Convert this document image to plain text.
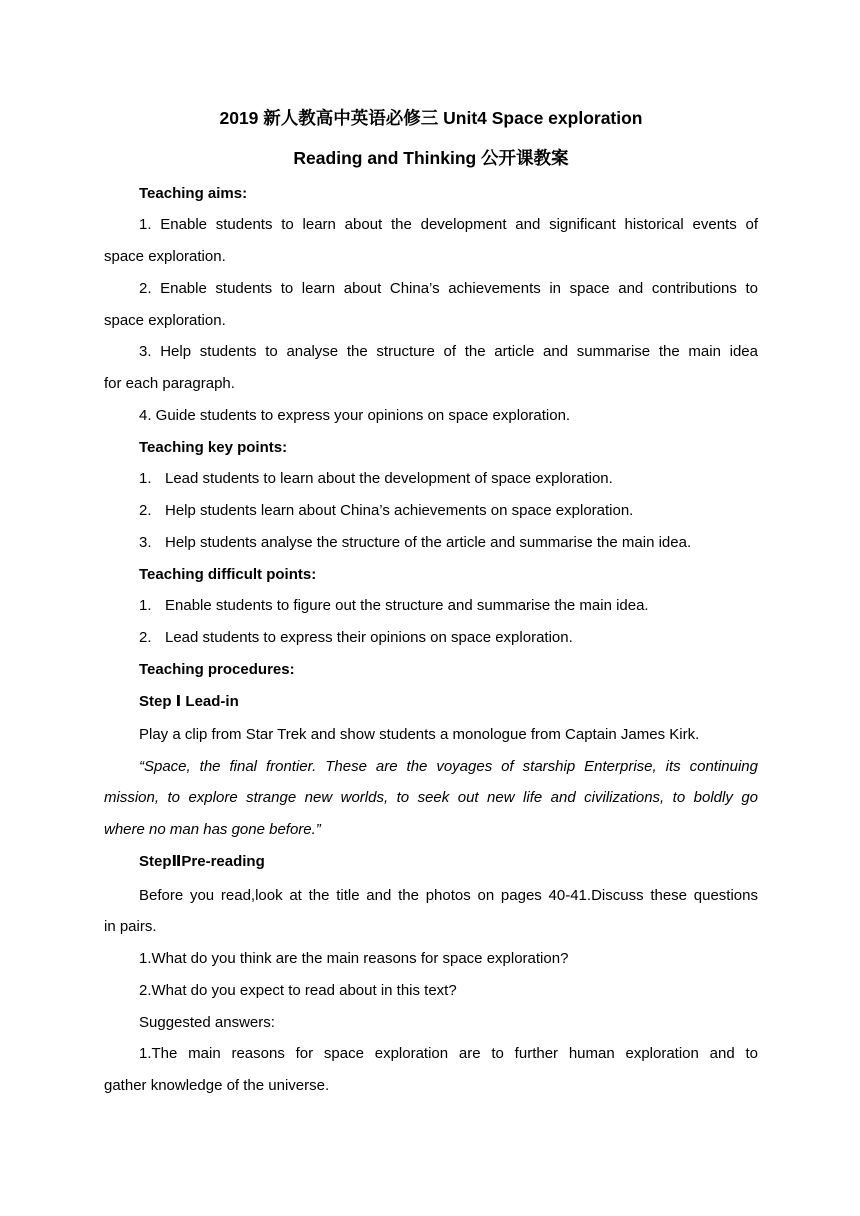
2019 新人教高中英语必修三 Unit4 Space exploration
Reading and Thinking 公开课教案
Teaching aims:
1. Enable students to learn about the development and significant historical events of
space exploration.
2. Enable students to learn about China’s achievements in space and contributions to
space exploration.
3. Help students to analyse the structure of the article and summarise the main idea
for each paragraph.
4. Guide students to express your opinions on space exploration.
Teaching key points:
1. Lead students to learn about the development of space exploration.
2. Help students learn about China’s achievements on space exploration.
3. Help students analyse the structure of the article and summarise the main idea.
Teaching difficult points:
1. Enable students to figure out the structure and summarise the main idea.
2. Lead students to express their opinions on space exploration.
Teaching procedures:
Step Ⅰ Lead-in
Play a clip from Star Trek and show students a monologue from Captain James Kirk.
“Space, the final frontier. These are the voyages of starship Enterprise, its continuing
mission, to explore strange new worlds, to seek out new life and civilizations, to boldly go
where no man has gone before.”
StepⅡPre-reading
Before you read,look at the title and the photos on pages 40-41.Discuss these questions
in pairs.
1.What do you think are the main reasons for space exploration?
2.What do you expect to read about in this text?
Suggested answers:
1.The main reasons for space exploration are to further human exploration and to
gather knowledge of the universe.
